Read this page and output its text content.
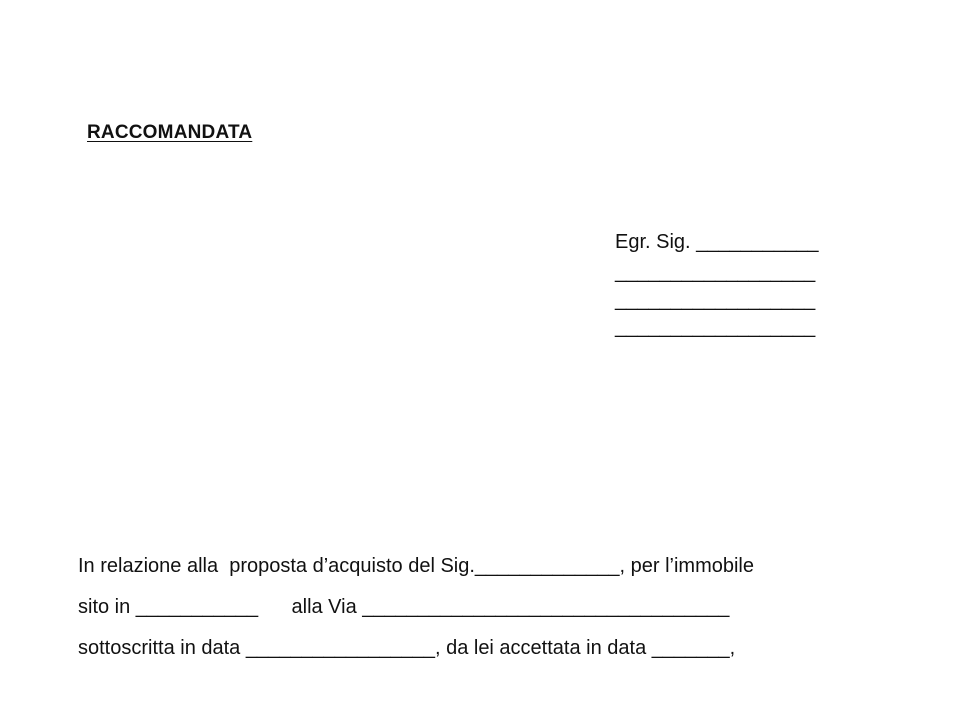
RACCOMANDATA
Egr. Sig. ___________
__________________
__________________
__________________
In relazione alla  proposta d’acquisto del Sig._____________, per l’immobile
sito in ___________      alla Via _________________________________
sottoscritta in data _________________, da lei accettata in data _______,
